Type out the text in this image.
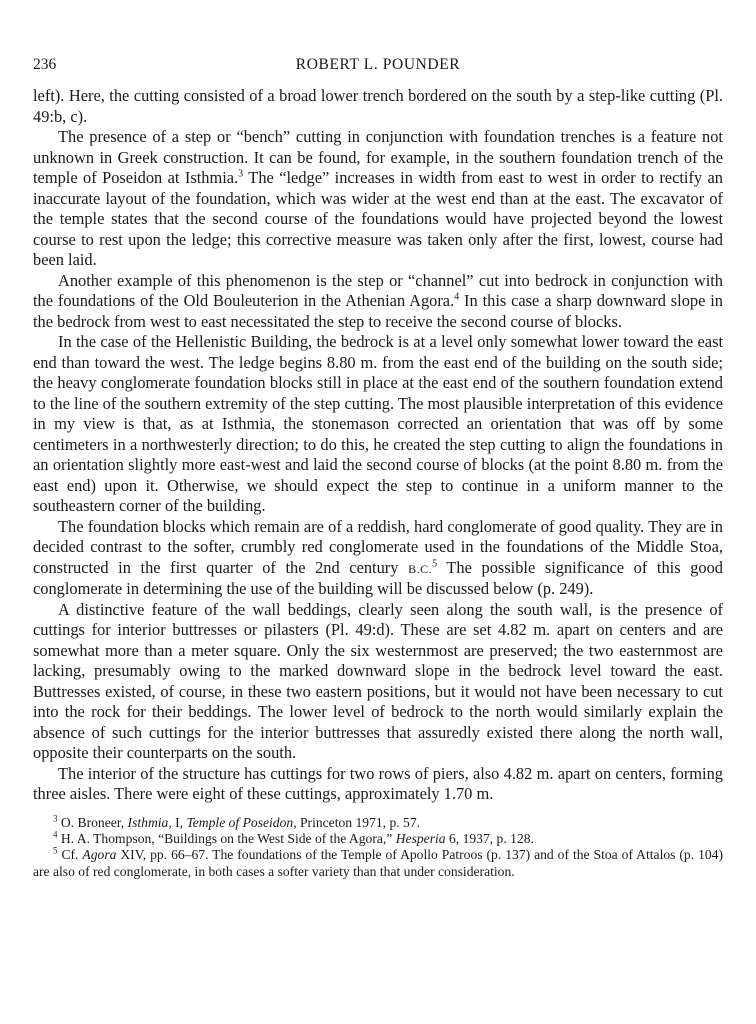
236	ROBERT L. POUNDER

left). Here, the cutting consisted of a broad lower trench bordered on the south by a step-like cutting (Pl. 49:b, c).

The presence of a step or “bench” cutting in conjunction with foundation trenches is a feature not unknown in Greek construction. It can be found, for example, in the southern foundation trench of the temple of Poseidon at Isthmia.$^3$ The “ledge” increases in width from east to west in order to rectify an inaccurate layout of the foundation, which was wider at the west end than at the east. The excavator of the temple states that the second course of the foundations would have projected beyond the lowest course to rest upon the ledge; this corrective measure was taken only after the first, lowest, course had been laid.

Another example of this phenomenon is the step or “channel” cut into bedrock in conjunction with the foundations of the Old Bouleuterion in the Athenian Agora.$^4$ In this case a sharp downward slope in the bedrock from west to east necessitated the step to receive the second course of blocks.

In the case of the Hellenistic Building, the bedrock is at a level only somewhat lower toward the east end than toward the west. The ledge begins 8.80 m. from the east end of the building on the south side; the heavy conglomerate foundation blocks still in place at the east end of the southern foundation extend to the line of the southern extremity of the step cutting. The most plausible interpretation of this evidence in my view is that, as at Isthmia, the stonemason corrected an orientation that was off by some centimeters in a northwesterly direction; to do this, he created the step cutting to align the foundations in an orientation slightly more east-west and laid the second course of blocks (at the point 8.80 m. from the east end) upon it. Otherwise, we should expect the step to continue in a uniform manner to the southeastern corner of the building.

The foundation blocks which remain are of a reddish, hard conglomerate of good quality. They are in decided contrast to the softer, crumbly red conglomerate used in the foundations of the Middle Stoa, constructed in the first quarter of the 2nd century B.C.$^5$ The possible significance of this good conglomerate in determining the use of the building will be discussed below (p. 249).

A distinctive feature of the wall beddings, clearly seen along the south wall, is the presence of cuttings for interior buttresses or pilasters (Pl. 49:d). These are set 4.82 m. apart on centers and are somewhat more than a meter square. Only the six westernmost are preserved; the two easternmost are lacking, presumably owing to the marked downward slope in the bedrock level toward the east. Buttresses existed, of course, in these two eastern positions, but it would not have been necessary to cut into the rock for their beddings. The lower level of bedrock to the north would similarly explain the absence of such cuttings for the interior buttresses that assuredly existed there along the north wall, opposite their counterparts on the south.

The interior of the structure has cuttings for two rows of piers, also 4.82 m. apart on centers, forming three aisles. There were eight of these cuttings, approximately 1.70 m.

$^3$ O. Broneer, Isthmia, I, Temple of Poseidon, Princeton 1971, p. 57.

$^4$ H. A. Thompson, “Buildings on the West Side of the Agora,” Hesperia 6, 1937, p. 128.

$^5$ Cf. Agora XIV, pp. 66–67. The foundations of the Temple of Apollo Patroos (p. 137) and of the Stoa of Attalos (p. 104) are also of red conglomerate, in both cases a softer variety than that under consideration.
